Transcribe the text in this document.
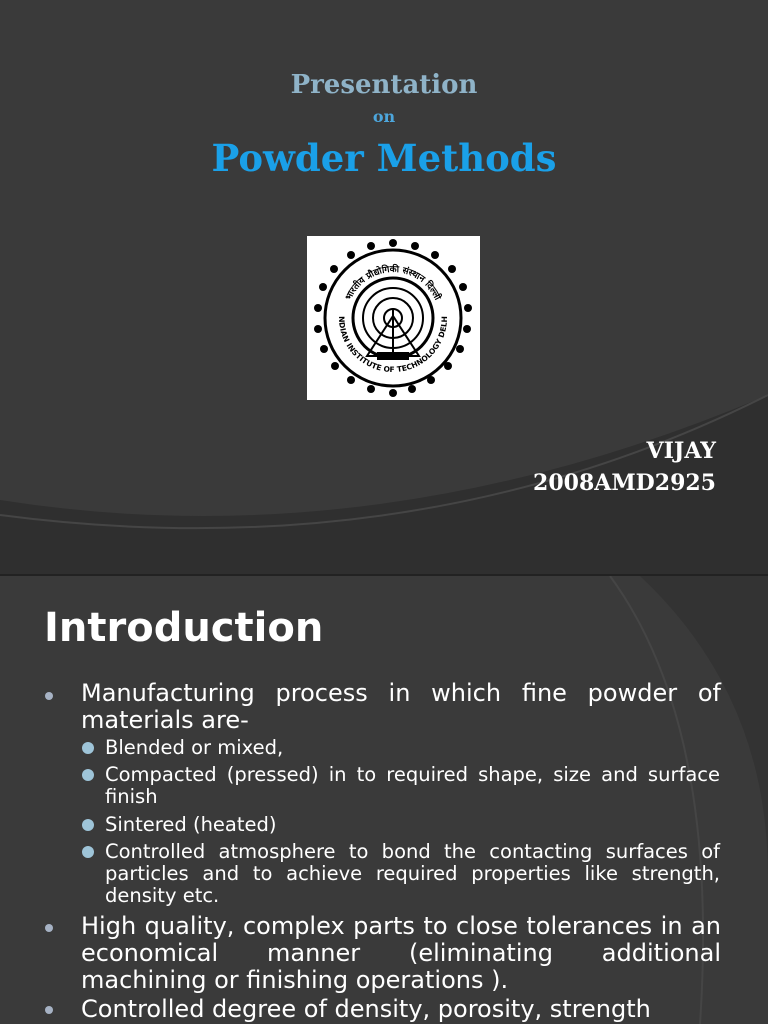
Presentation
on
Powder Methods
भारतीय प्रौद्योगिकी संस्थान दिल्ली
NDIAN INSTITUTE OF TECHNOLOGY DELH
VIJAY
2008AMD2925
Introduction
Manufacturing process in which fine powder of materials are-
Blended or mixed,
Compacted (pressed) in to required shape, size and surface finish
Sintered (heated)
Controlled atmosphere to bond the contacting surfaces of particles and to achieve required properties like strength, density etc.
High quality, complex parts to close tolerances in an economical manner (eliminating additional machining or finishing operations ).
Controlled degree of density, porosity, strength
